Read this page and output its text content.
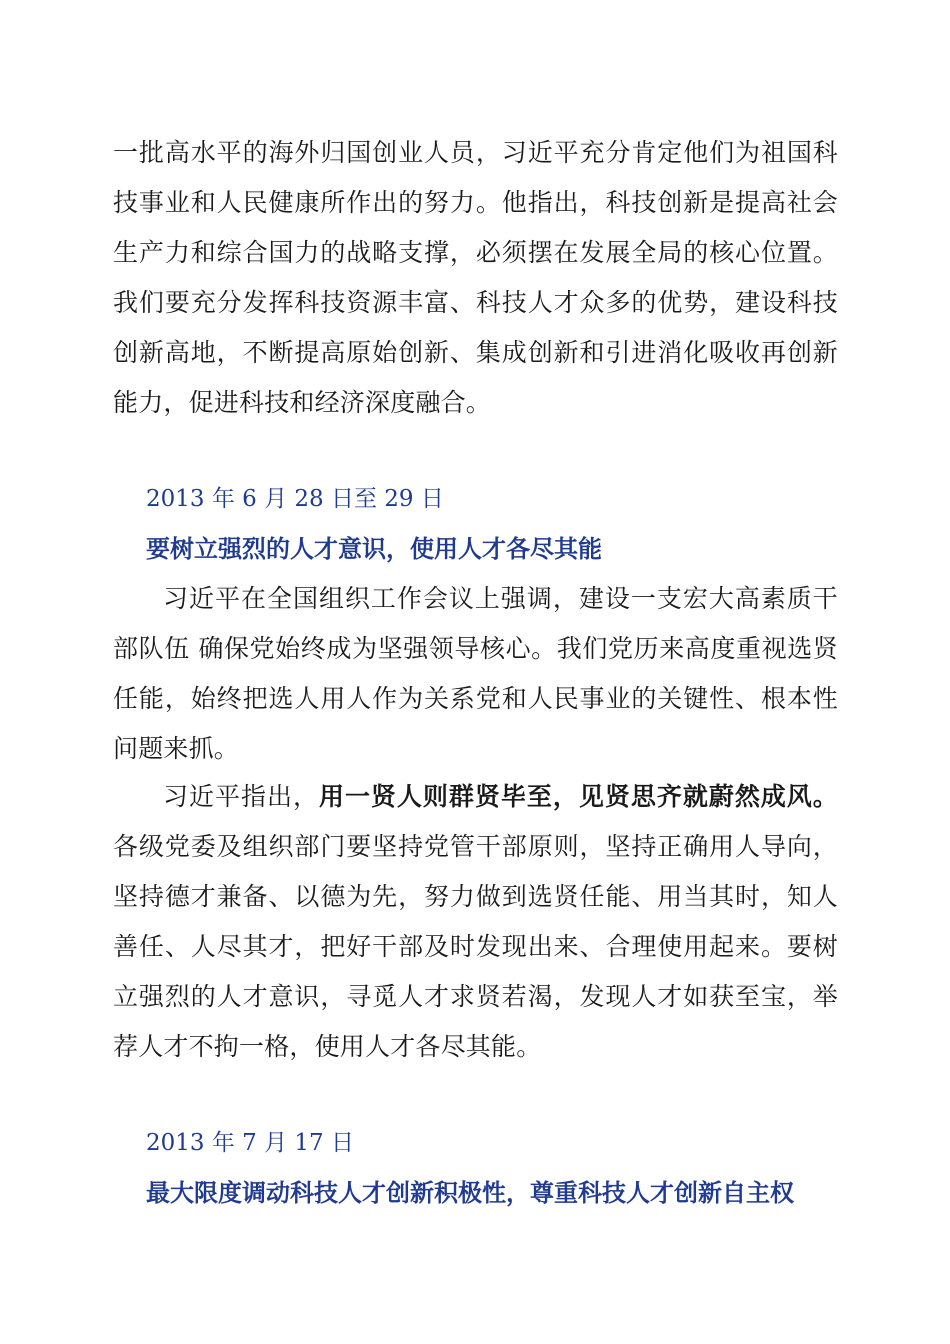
一批高水平的海外归国创业人员，习近平充分肯定他们为祖国科技事业和人民健康所作出的努力。他指出，科技创新是提高社会生产力和综合国力的战略支撑，必须摆在发展全局的核心位置。我们要充分发挥科技资源丰富、科技人才众多的优势，建设科技创新高地，不断提高原始创新、集成创新和引进消化吸收再创新能力，促进科技和经济深度融合。

2013 年 6 月 28 日至 29 日

要树立强烈的人才意识，使用人才各尽其能

习近平在全国组织工作会议上强调，建设一支宏大高素质干部队伍 确保党始终成为坚强领导核心。我们党历来高度重视选贤任能，始终把选人用人作为关系党和人民事业的关键性、根本性问题来抓。

习近平指出，用一贤人则群贤毕至，见贤思齐就蔚然成风。各级党委及组织部门要坚持党管干部原则，坚持正确用人导向，坚持德才兼备、以德为先，努力做到选贤任能、用当其时，知人善任、人尽其才，把好干部及时发现出来、合理使用起来。要树立强烈的人才意识，寻觅人才求贤若渴，发现人才如获至宝，举荐人才不拘一格，使用人才各尽其能。

2013 年 7 月 17 日

最大限度调动科技人才创新积极性，尊重科技人才创新自主权
